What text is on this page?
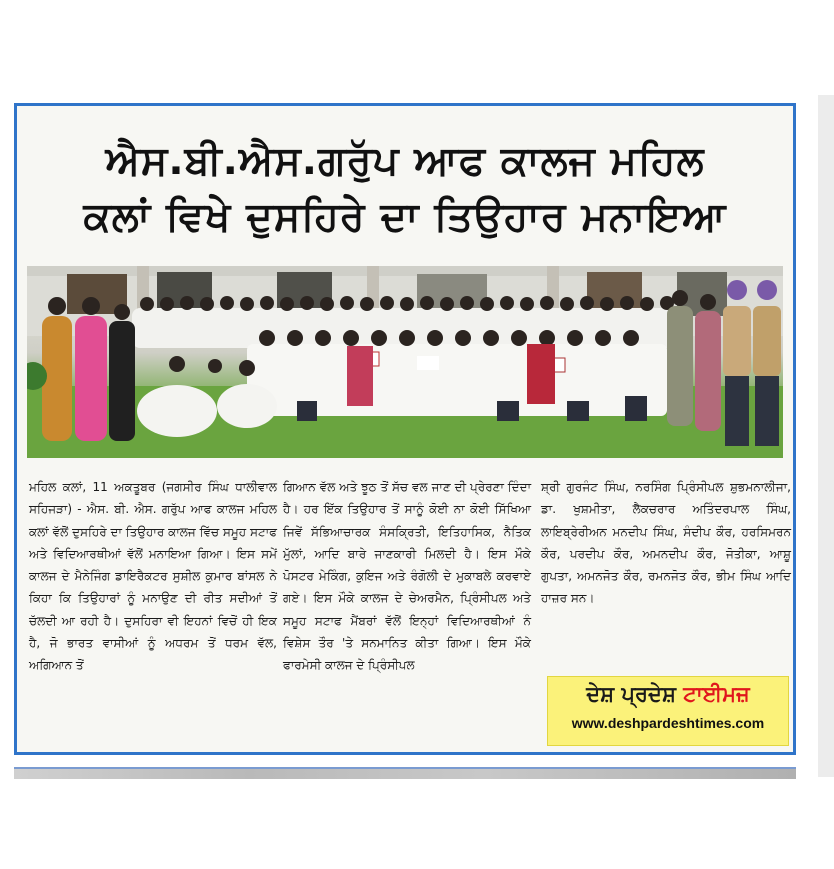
ਐਸ.ਬੀ.ਐਸ.ਗਰੁੱਪ ਆਫ ਕਾਲਜ ਮਹਿਲ
ਕਲਾਂ ਵਿਖੇ ਦੁਸਹਿਰੇ ਦਾ ਤਿਉਹਾਰ ਮਨਾਇਆ
ਮਹਿਲ ਕਲਾਂ, 11 ਅਕਤੂਬਰ (ਜਗਸੀਰ ਸਿੰਘ ਧਾਲੀਵਾਲ ਸਹਿਜੜਾ) - ਐਸ. ਬੀ. ਐਸ. ਗਰੁੱਪ ਆਫ ਕਾਲਜ ਮਹਿਲ ਕਲਾਂ ਵੱਲੋਂ ਦੁਸਹਿਰੇ ਦਾ ਤਿਉਹਾਰ ਕਾਲਜ ਵਿੱਚ ਸਮੂਹ ਸਟਾਫ ਅਤੇ ਵਿਦਿਆਰਥੀਆਂ ਵੱਲੋਂ ਮਨਾਇਆ ਗਿਆ। ਇਸ ਸਮੇਂ ਕਾਲਜ ਦੇ ਮੈਨੇਜਿੰਗ ਡਾਇਰੈਕਟਰ ਸੁਸ਼ੀਲ ਕੁਮਾਰ ਬਾਂਸਲ ਨੇ ਕਿਹਾ ਕਿ ਤਿਉਹਾਰਾਂ ਨੂੰ ਮਨਾਉਣ ਦੀ ਰੀਤ ਸਦੀਆਂ ਤੋਂ ਚੱਲਦੀ ਆ ਰਹੀ ਹੈ। ਦੁਸਹਿਰਾ ਵੀ ਇਹਨਾਂ ਵਿਚੋਂ ਹੀ ਇਕ ਹੈ, ਜੋ ਭਾਰਤ ਵਾਸੀਆਂ ਨੂੰ ਅਧਰਮ ਤੋਂ ਧਰਮ ਵੱਲ, ਅਗਿਆਨ ਤੋਂ
ਗਿਆਨ ਵੱਲ ਅਤੇ ਝੂਠ ਤੋਂ ਸੱਚ ਵਲ ਜਾਣ ਦੀ ਪ੍ਰੇਰਣਾ ਦਿੰਦਾ ਹੈ। ਹਰ ਇੱਕ ਤਿਉਹਾਰ ਤੋਂ ਸਾਨੂੰ ਕੋਈ ਨਾ ਕੋਈ ਸਿੱਖਿਆ ਜਿਵੇਂ ਸੱਭਿਆਚਾਰਕ ਸੰਸਕ੍ਰਿਤੀ, ਇਤਿਹਾਸਿਕ, ਨੈਤਿਕ ਮੁੱਲਾਂ, ਆਦਿ ਬਾਰੇ ਜਾਣਕਾਰੀ ਮਿਲਦੀ ਹੈ। ਇਸ ਮੌਕੇ ਪੋਸਟਰ ਮੇਕਿੰਗ, ਕੁਇਜ ਅਤੇ ਰੰਗੋਲੀ ਦੇ ਮੁਕਾਬਲੇ ਕਰਵਾਏ ਗਏ। ਇਸ ਮੌਕੇ ਕਾਲਜ ਦੇ ਚੇਅਰਮੈਨ, ਪ੍ਰਿੰਸੀਪਲ ਅਤੇ ਸਮੂਹ ਸਟਾਫ ਮੈਂਬਰਾਂ ਵੱਲੋਂ ਇਨ੍ਹਾਂ ਵਿਦਿਆਰਥੀਆਂ ਨੰ ਵਿਸ਼ੇਸ ਤੌਰ 'ਤੇ ਸਨਮਾਨਿਤ ਕੀਤਾ ਗਿਆ। ਇਸ ਮੌਕੇ ਫਾਰਮੇਸੀ ਕਾਲਜ ਦੇ ਪ੍ਰਿੰਸੀਪਲ
ਸ਼੍ਰੀ ਗੁਰਜੰਟ ਸਿੰਘ, ਨਰਸਿੰਗ ਪ੍ਰਿੰਸੀਪਲ ਸ਼ੁਭਮਨਾਲੀਜਾ, ਡਾ. ਖੁਸ਼ਮੀਤਾ, ਲੈਕਚਰਾਰ ਅਤਿੰਦਰਪਾਲ ਸਿੰਘ, ਲਾਇਬ੍ਰੇਰੀਅਨ ਮਨਦੀਪ ਸਿੰਘ, ਸੰਦੀਪ ਕੌਰ, ਹਰਸਿਮਰਨ ਕੌਰ, ਪਰਦੀਪ ਕੌਰ, ਅਮਨਦੀਪ ਕੌਰ, ਜੋਤੀਕਾ, ਆਸ਼ੂ ਗੁਪਤਾ, ਅਮਨਜੋਤ ਕੌਰ, ਰਮਨਜੋਤ ਕੌਰ, ਭੀਮ ਸਿੰਘ ਆਦਿ ਹਾਜ਼ਰ ਸਨ।
ਦੇਸ਼ ਪ੍ਰਦੇਸ਼ ਟਾਈਮਜ਼
www.deshpardeshtimes.com
